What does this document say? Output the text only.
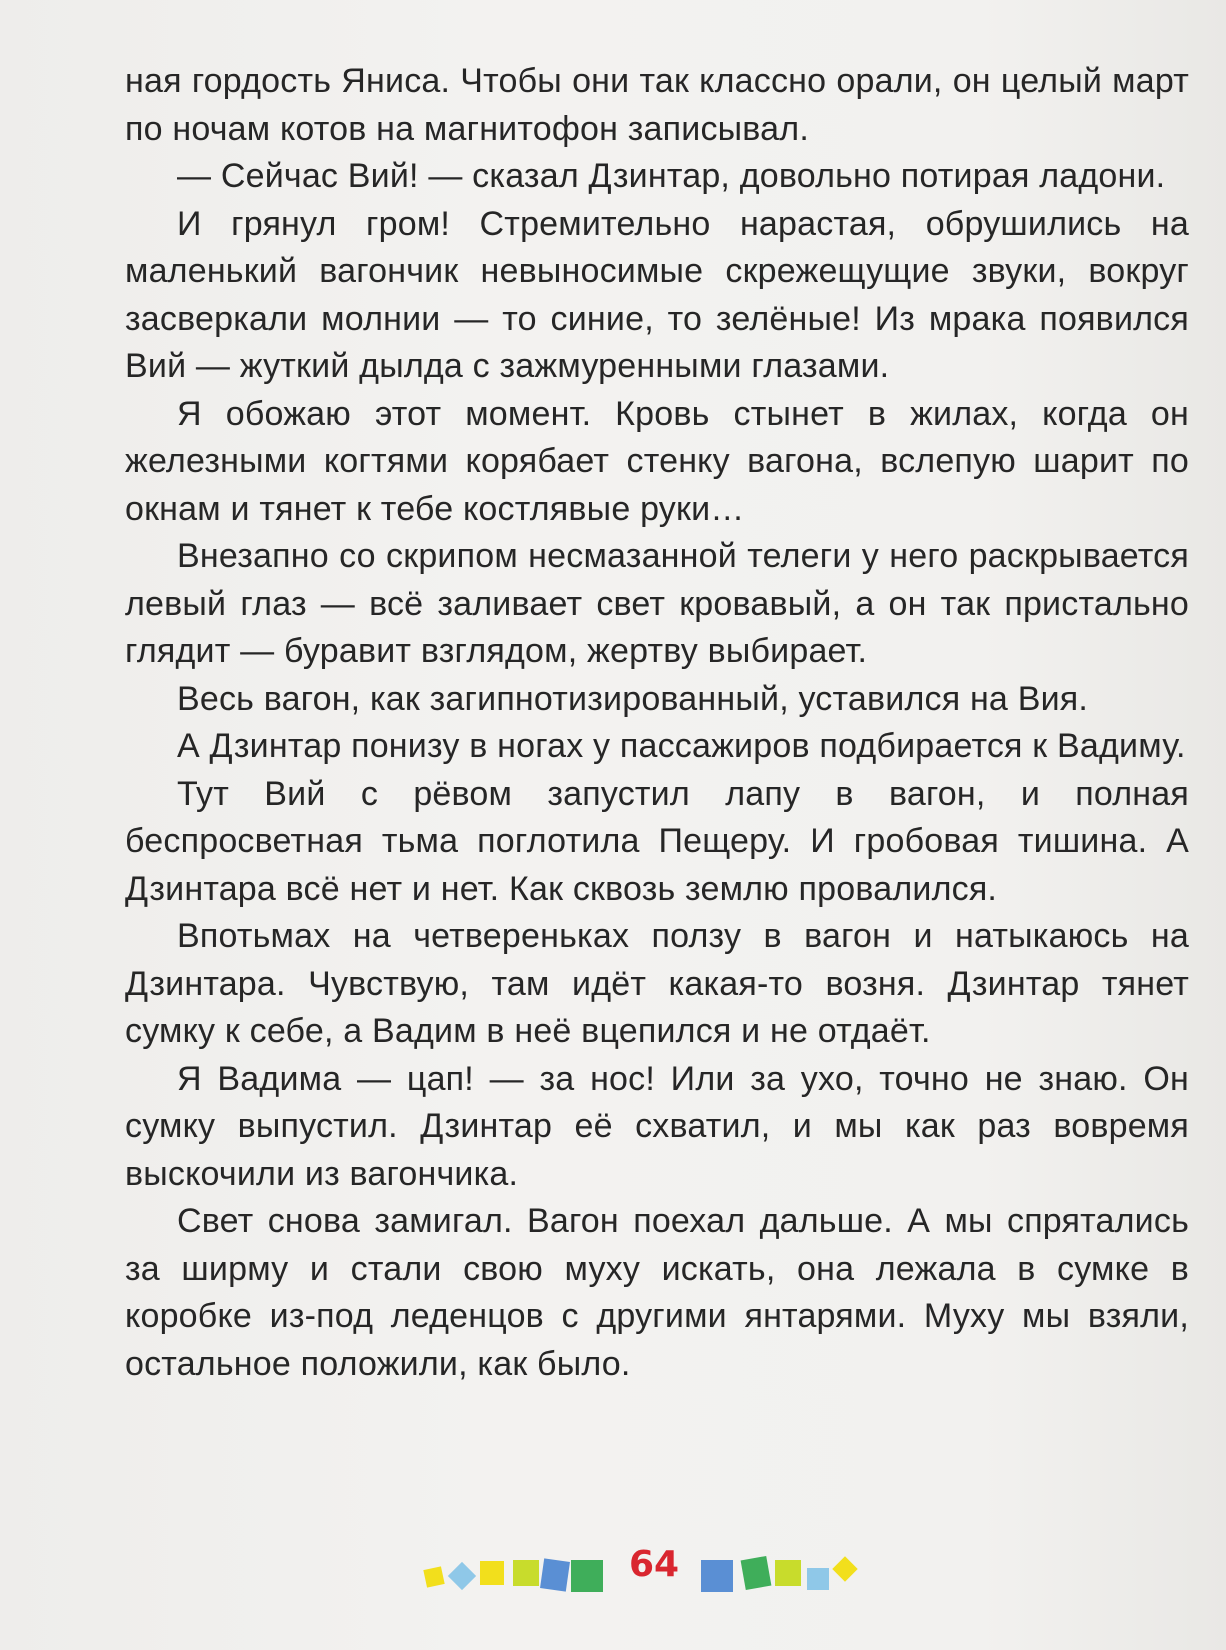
ная гордость Яниса. Чтобы они так классно орали, он целый март по ночам котов на магнитофон записывал.

— Сейчас Вий! — сказал Дзинтар, довольно потирая ладони.

И грянул гром! Стремительно нарастая, обрушились на маленький вагончик невыносимые скрежещущие звуки, вокруг засверкали молнии — то синие, то зелёные! Из мрака появился Вий — жуткий дылда с зажмуренными глазами.

Я обожаю этот момент. Кровь стынет в жилах, когда он железными когтями корябает стенку вагона, вслепую шарит по окнам и тянет к тебе костлявые руки…

Внезапно со скрипом несмазанной телеги у него раскрывается левый глаз — всё заливает свет кровавый, а он так пристально глядит — буравит взглядом, жертву выбирает.

Весь вагон, как загипнотизированный, уставился на Вия.

А Дзинтар понизу в ногах у пассажиров подбирается к Вадиму.

Тут Вий с рёвом запустил лапу в вагон, и полная беспросветная тьма поглотила Пещеру. И гробовая тишина. А Дзинтара всё нет и нет. Как сквозь землю провалился.

Впотьмах на четвереньках ползу в вагон и натыкаюсь на Дзинтара. Чувствую, там идёт какая-то возня. Дзинтар тянет сумку к себе, а Вадим в неё вцепился и не отдаёт.

Я Вадима — цап! — за нос! Или за ухо, точно не знаю. Он сумку выпустил. Дзинтар её схватил, и мы как раз вовремя выскочили из вагончика.

Свет снова замигал. Вагон поехал дальше. А мы спрятались за ширму и стали свою муху искать, она лежала в сумке в коробке из-под леденцов с другими янтарями. Муху мы взяли, остальное положили, как было.

64
